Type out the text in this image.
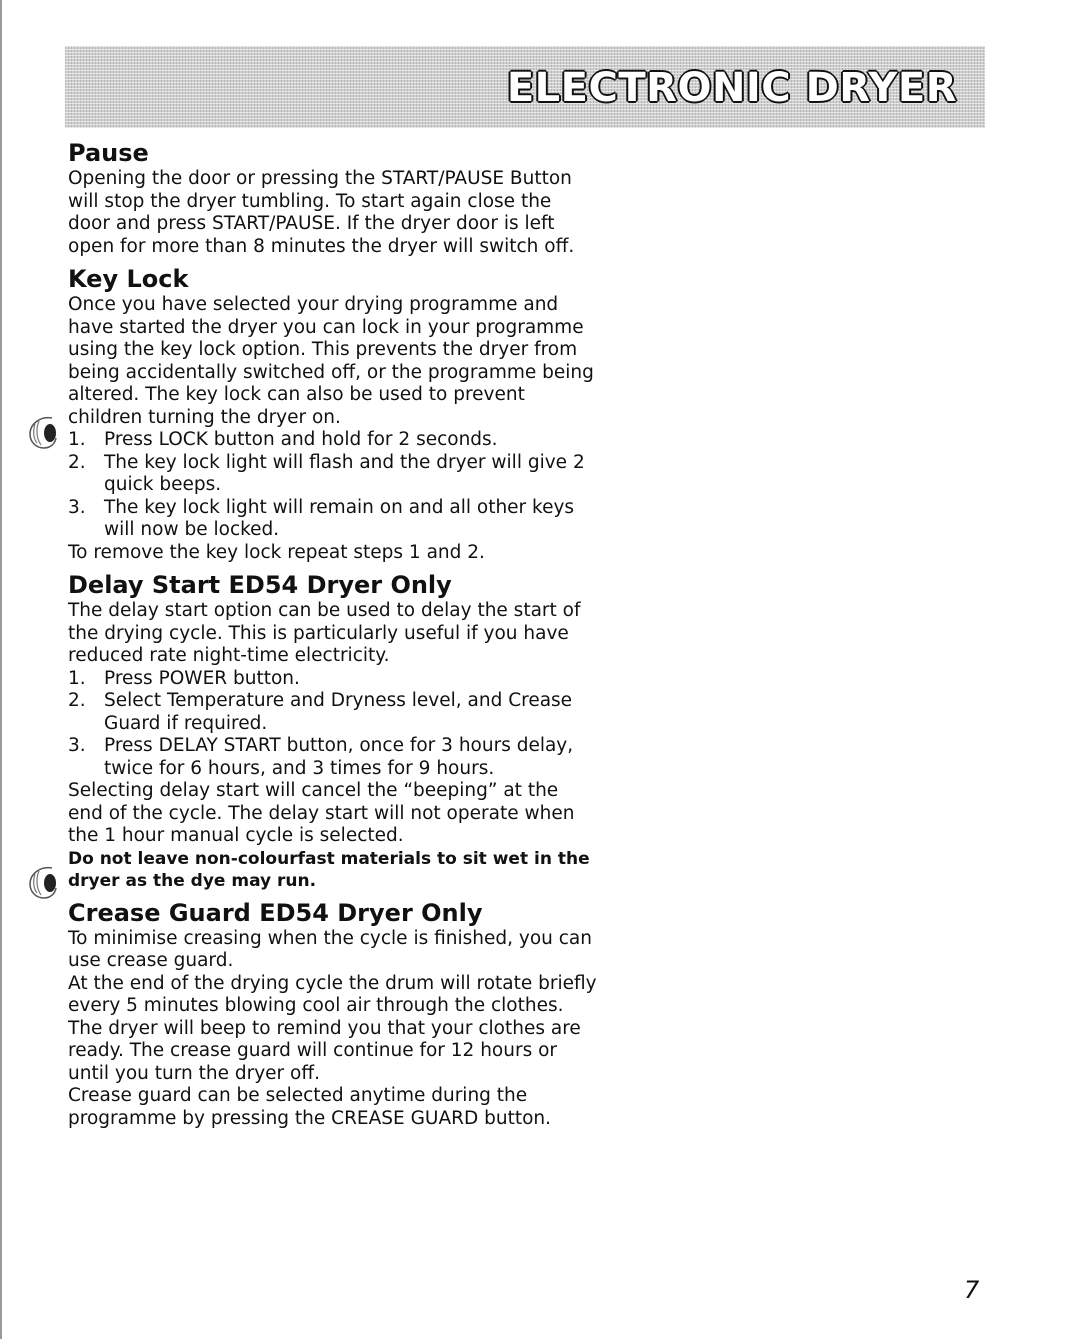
ELECTRONIC DRYER
Pause

Opening the door or pressing the START/PAUSE Button will stop the dryer tumbling. To start again close the door and press START/PAUSE. If the dryer door is left open for more than 8 minutes the dryer will switch off.

Key Lock

Once you have selected your drying programme and have started the dryer you can lock in your programme using the key lock option. This prevents the dryer from being accidentally switched off, or the programme being altered. The key lock can also be used to prevent children turning the dryer on.

1. Press LOCK button and hold for 2 seconds.
2. The key lock light will flash and the dryer will give 2 quick beeps.
3. The key lock light will remain on and all other keys will now be locked.

To remove the key lock repeat steps 1 and 2.

Delay Start ED54 Dryer Only

The delay start option can be used to delay the start of the drying cycle. This is particularly useful if you have reduced rate night-time electricity.

1. Press POWER button.
2. Select Temperature and Dryness level, and Crease Guard if required.
3. Press DELAY START button, once for 3 hours delay, twice for 6 hours, and 3 times for 9 hours.

Selecting delay start will cancel the “beeping” at the end of the cycle. The delay start will not operate when the 1 hour manual cycle is selected.

Do not leave non-colourfast materials to sit wet in the dryer as the dye may run.

Crease Guard ED54 Dryer Only

To minimise creasing when the cycle is finished, you can use crease guard.

At the end of the drying cycle the drum will rotate briefly every 5 minutes blowing cool air through the clothes. The dryer will beep to remind you that your clothes are ready. The crease guard will continue for 12 hours or until you turn the dryer off.

Crease guard can be selected anytime during the programme by pressing the CREASE GUARD button.

7
